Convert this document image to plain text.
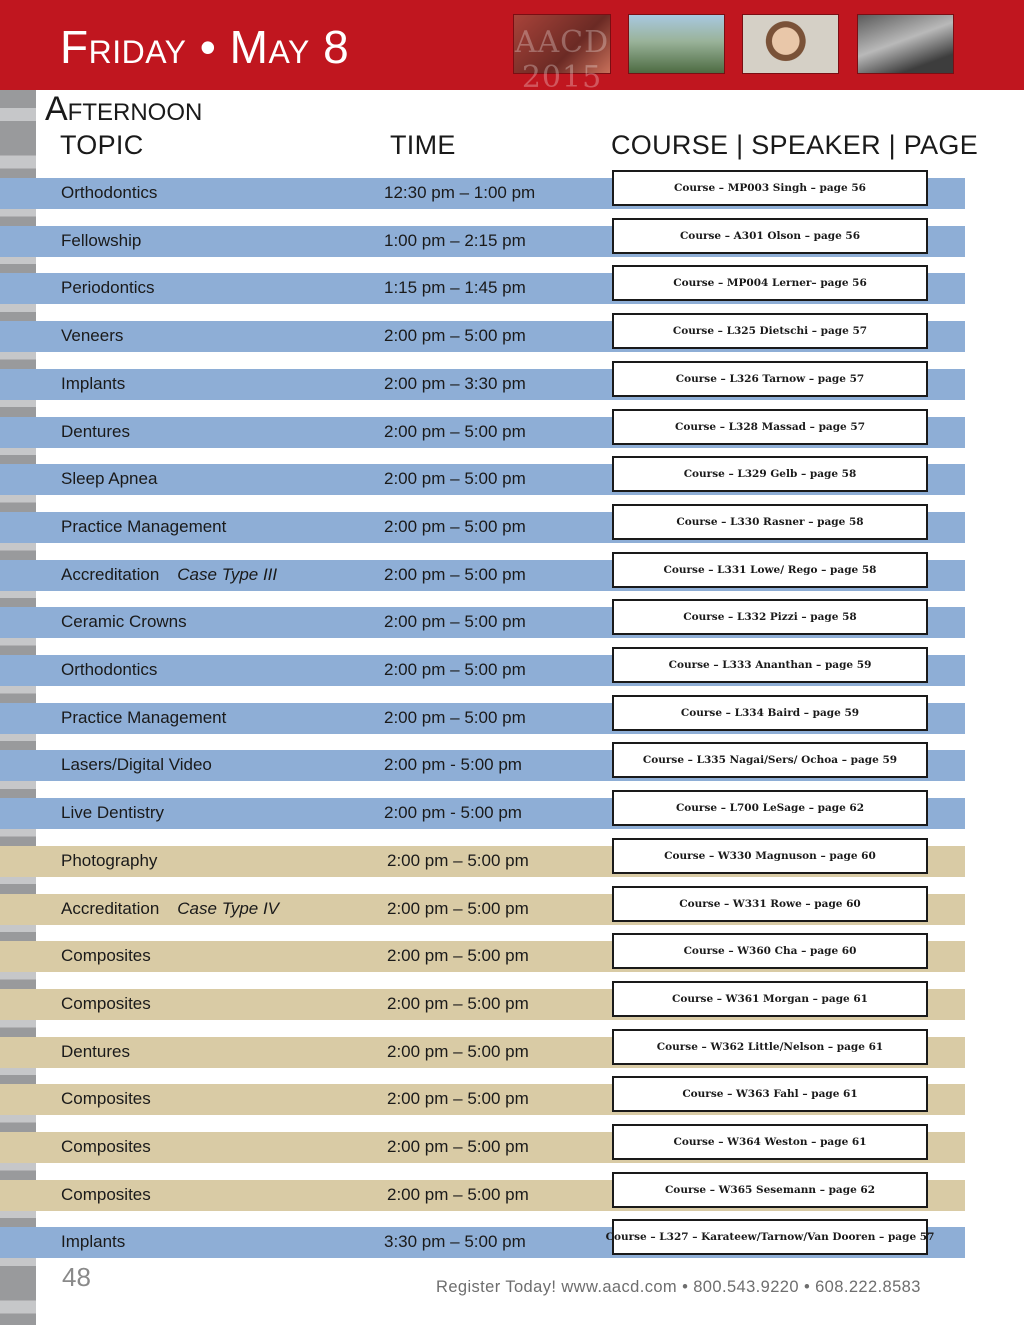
Friday • May 8	AACD 2015
Afternoon
TOPIC	TIME	COURSE | SPEAKER | PAGE
Orthodontics	12:30 pm – 1:00 pm	Course – MP003 Singh – page 56
Fellowship	1:00 pm – 2:15 pm	Course – A301 Olson – page 56
Periodontics	1:15 pm – 1:45 pm	Course – MP004 Lerner– page 56
Veneers	2:00 pm – 5:00 pm	Course – L325 Dietschi – page 57
Implants	2:00 pm – 3:30 pm	Course – L326 Tarnow – page 57
Dentures	2:00 pm – 5:00 pm	Course – L328 Massad – page 57
Sleep Apnea	2:00 pm – 5:00 pm	Course – L329 Gelb – page 58
Practice Management	2:00 pm – 5:00 pm	Course – L330 Rasner – page 58
Accreditation Case Type III	2:00 pm – 5:00 pm	Course – L331 Lowe/ Rego – page 58
Ceramic Crowns	2:00 pm – 5:00 pm	Course – L332 Pizzi – page 58
Orthodontics	2:00 pm – 5:00 pm	Course – L333 Ananthan – page 59
Practice Management	2:00 pm – 5:00 pm	Course – L334 Baird – page 59
Lasers/Digital Video	2:00 pm - 5:00 pm	Course – L335 Nagai/Sers/ Ochoa – page 59
Live Dentistry	2:00 pm - 5:00 pm	Course – L700 LeSage – page 62
Photography	2:00 pm – 5:00 pm	Course – W330 Magnuson – page 60
Accreditation Case Type IV	2:00 pm – 5:00 pm	Course – W331 Rowe – page 60
Composites	2:00 pm – 5:00 pm	Course – W360 Cha – page 60
Composites	2:00 pm – 5:00 pm	Course – W361 Morgan – page 61
Dentures	2:00 pm – 5:00 pm	Course – W362 Little/Nelson – page 61
Composites	2:00 pm – 5:00 pm	Course – W363 Fahl – page 61
Composites	2:00 pm – 5:00 pm	Course – W364 Weston – page 61
Composites	2:00 pm – 5:00 pm	Course – W365 Sesemann – page 62
Implants	3:30 pm – 5:00 pm	Course – L327 – Karateew/Tarnow/Van Dooren – page 57
48	Register Today! www.aacd.com • 800.543.9220 • 608.222.8583
